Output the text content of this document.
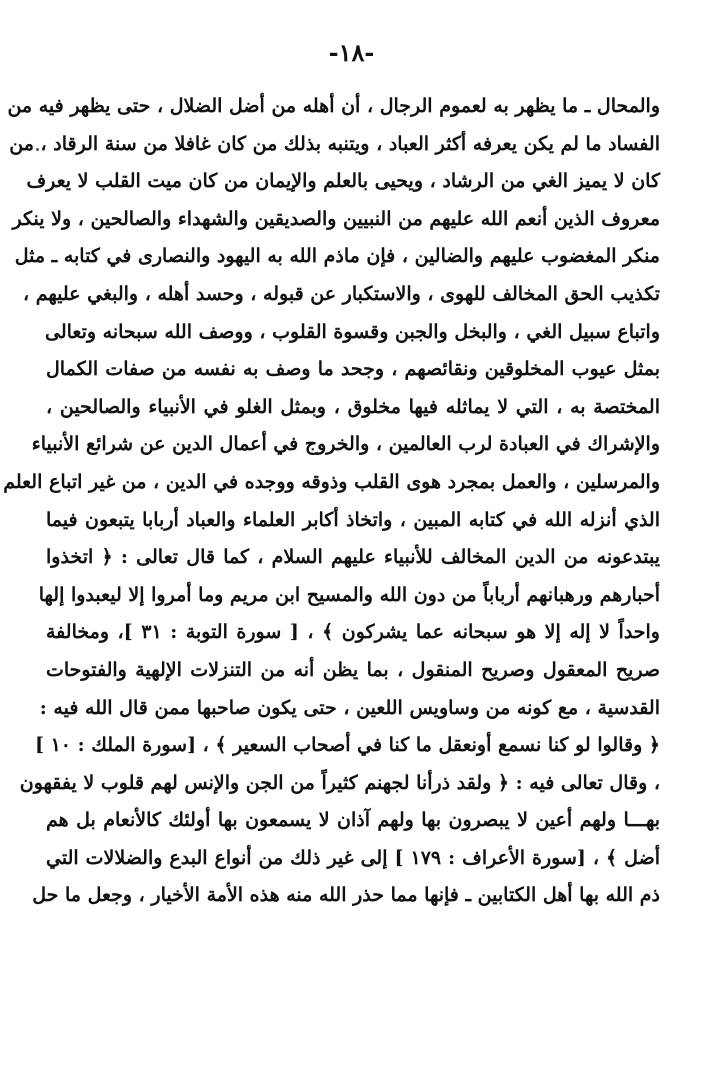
-١٨-
والمحال ـ ما يظهر به لعموم الرجال ، أن أهله من أضل الضلال ، حتى يظهر فيه من
الفساد ما لم يكن يعرفه أكثر العباد ، ويتنبه بذلك من كان غافلا من سنة الرقاد ، من
كان لا يميز الغي من الرشاد ، ويحيى بالعلم والإيمان من كان ميت القلب لا يعرف
معروف الذين أنعم الله عليهم من النبيين والصديقين والشهداء والصالحين ، ولا ينكر
منكر المغضوب عليهم والضالين ، فإن ماذم الله به اليهود والنصارى في كتابه ـ مثل
تكذيب الحق المخالف للهوى ، والاستكبار عن قبوله ، وحسد أهله ، والبغي عليهم ،
واتباع سبيل الغي ، والبخل والجبن وقسوة القلوب ، ووصف الله سبحانه وتعالى
بمثل عيوب المخلوقين ونقائصهم ، وجحد ما وصف به نفسه من صفات الكمال
المختصة به ، التي لا يماثله فيها مخلوق ، وبمثل الغلو في الأنبياء والصالحين ،
والإشراك في العبادة لرب العالمين ، والخروج في أعمال الدين عن شرائع الأنبياء
والمرسلين ، والعمل بمجرد هوى القلب وذوقه ووجده في الدين ، من غير اتباع العلم
الذي أنزله الله في كتابه المبين ، واتخاذ أكابر العلماء والعباد أربابا يتبعون فيما
يبتدعونه من الدين المخالف للأنبياء عليهم السلام ، كما قال تعالى : ﴿ اتخذوا
أحبارهم ورهبانهم أرباباً من دون الله والمسيح ابن مريم وما أمروا إلا ليعبدوا إلها
واحداً لا إله إلا هو سبحانه عما يشركون ﴾ ، [ سورة التوبة : ٣١ ]، ومخالفة
صريح المعقول وصريح المنقول ، بما يظن أنه من التنزلات الإلهية والفتوحات
القدسية ، مع كونه من وساويس اللعين ، حتى يكون صاحبها ممن قال الله فيه :
﴿ وقالوا لو كنا نسمع أونعقل ما كنا في أصحاب السعير ﴾ ، [سورة الملك : ١٠ ]
، وقال تعالى فيه : ﴿ ولقد ذرأنا لجهنم كثيراً من الجن والإنس لهم قلوب لا يفقهون
بهـــا ولهم أعين لا يبصرون بها ولهم آذان لا يسمعون بها أولئك كالأنعام بل هم
أضل ﴾ ، [سورة الأعراف : ١٧٩ ] إلى غير ذلك من أنواع البدع والضلالات التي
ذم الله بها أهل الكتابين ـ فإنها مما حذر الله منه هذه الأمة الأخيار ، وجعل ما حل
